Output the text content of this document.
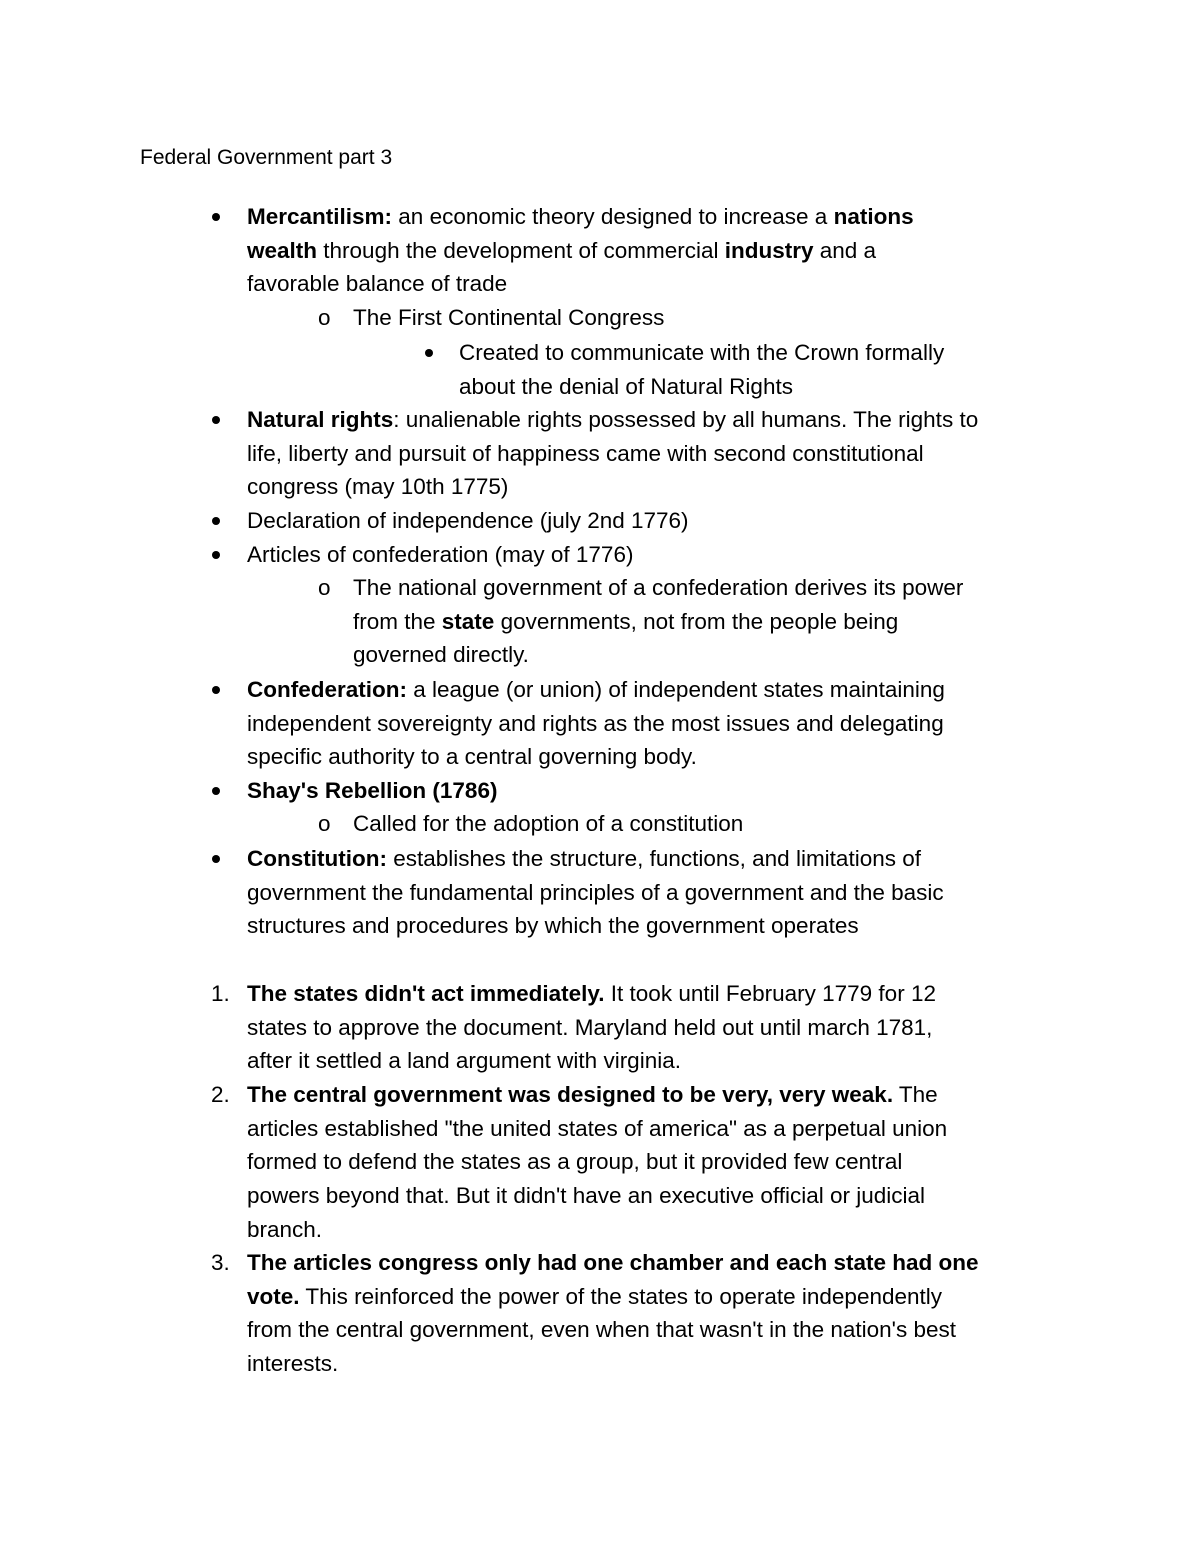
Federal Government part 3
Mercantilism: an economic theory designed to increase a nations
wealth through the development of commercial industry and a
favorable balance of trade
o The First Continental Congress
Created to communicate with the Crown formally
about the denial of Natural Rights
Natural rights: unalienable rights possessed by all humans. The rights to
life, liberty and pursuit of happiness came with second constitutional
congress (may 10th 1775)
Declaration of independence (july 2nd 1776)
Articles of confederation (may of 1776)
o The national government of a confederation derives its power
from the state governments, not from the people being
governed directly.
Confederation: a league (or union) of independent states maintaining
independent sovereignty and rights as the most issues and delegating
specific authority to a central governing body.
Shay's Rebellion (1786)
o Called for the adoption of a constitution
Constitution: establishes the structure, functions, and limitations of
government the fundamental principles of a government and the basic
structures and procedures by which the government operates
1. The states didn't act immediately. It took until February 1779 for 12
states to approve the document. Maryland held out until march 1781,
after it settled a land argument with virginia.
2. The central government was designed to be very, very weak. The
articles established "the united states of america" as a perpetual union
formed to defend the states as a group, but it provided few central
powers beyond that. But it didn't have an executive official or judicial
branch.
3. The articles congress only had one chamber and each state had one
vote. This reinforced the power of the states to operate independently
from the central government, even when that wasn't in the nation's best
interests.
